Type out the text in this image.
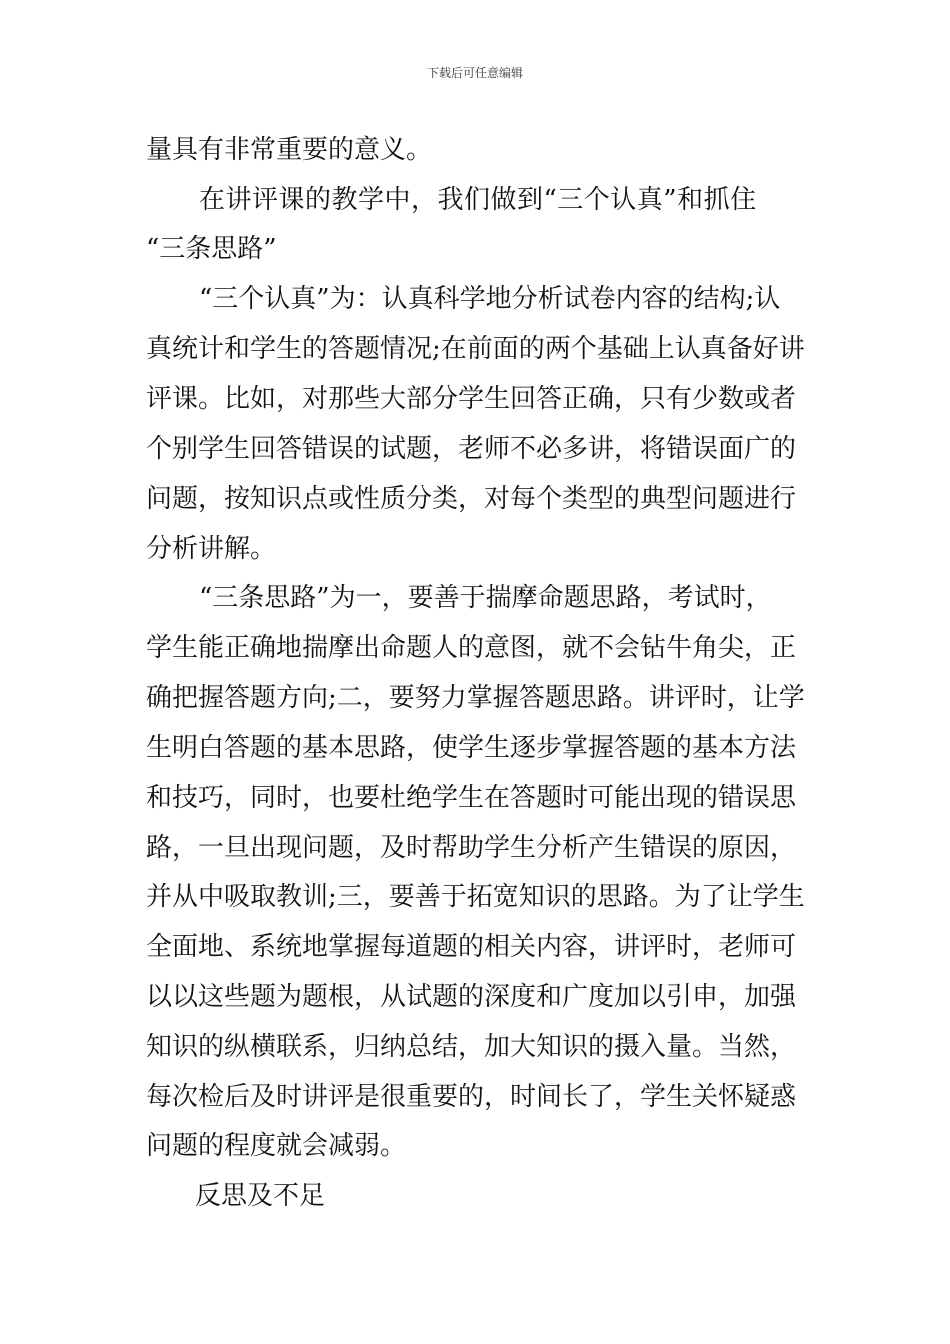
下载后可任意编辑
量具有非常重要的意义。
在讲评课的教学中，我们做到“三个认真”和抓住
“三条思路”
“三个认真”为：认真科学地分析试卷内容的结构;认
真统计和学生的答题情况;在前面的两个基础上认真备好讲
评课。比如，对那些大部分学生回答正确，只有少数或者
个别学生回答错误的试题，老师不必多讲，将错误面广的
问题，按知识点或性质分类，对每个类型的典型问题进行
分析讲解。
“三条思路”为一，要善于揣摩命题思路，考试时，
学生能正确地揣摩出命题人的意图，就不会钻牛角尖，正
确把握答题方向;二，要努力掌握答题思路。讲评时，让学
生明白答题的基本思路，使学生逐步掌握答题的基本方法
和技巧，同时，也要杜绝学生在答题时可能出现的错误思
路，一旦出现问题，及时帮助学生分析产生错误的原因，
并从中吸取教训;三，要善于拓宽知识的思路。为了让学生
全面地、系统地掌握每道题的相关内容，讲评时，老师可
以以这些题为题根，从试题的深度和广度加以引申，加强
知识的纵横联系，归纳总结，加大知识的摄入量。当然，
每次检后及时讲评是很重要的，时间长了，学生关怀疑惑
问题的程度就会减弱。
反思及不足
